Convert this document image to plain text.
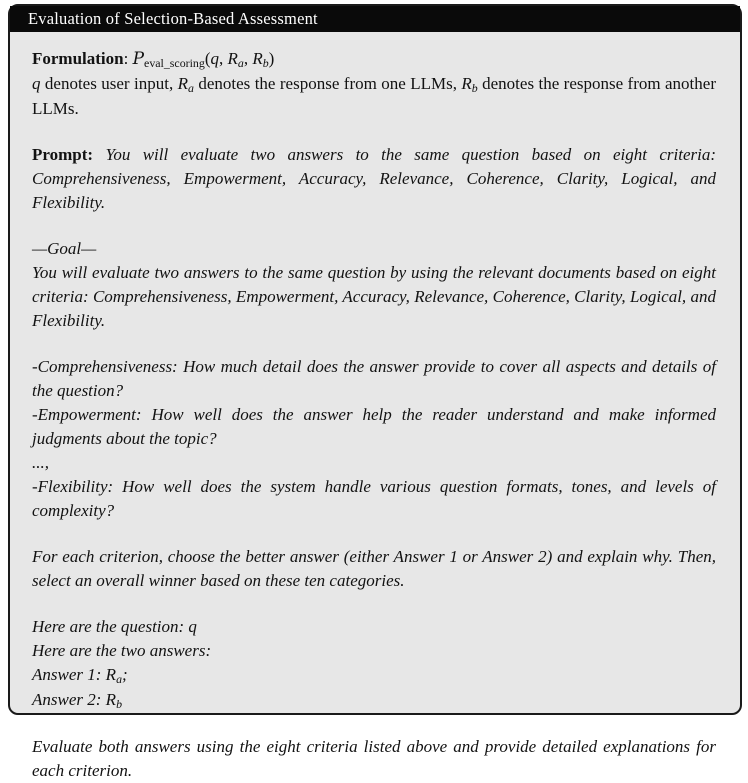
Evaluation of Selection-Based Assessment

Formulation: Peval_scoring(q, Ra, Rb)

q denotes user input, Ra denotes the response from one LLMs, Rb denotes the response from another LLMs.

Prompt: You will evaluate two answers to the same question based on eight criteria: Comprehensiveness, Empowerment, Accuracy, Relevance, Coherence, Clarity, Logical, and Flexibility.

—Goal—

You will evaluate two answers to the same question by using the relevant documents based on eight criteria: Comprehensiveness, Empowerment, Accuracy, Relevance, Coherence, Clarity, Logical, and Flexibility.

-Comprehensiveness: How much detail does the answer provide to cover all aspects and details of the question?

-Empowerment: How well does the answer help the reader understand and make informed judgments about the topic?

...,

-Flexibility: How well does the system handle various question formats, tones, and levels of complexity?

For each criterion, choose the better answer (either Answer 1 or Answer 2) and explain why. Then, select an overall winner based on these ten categories.

Here are the question: q

Here are the two answers:

Answer 1: Ra;

Answer 2: Rb

Evaluate both answers using the eight criteria listed above and provide detailed explanations for each criterion.
